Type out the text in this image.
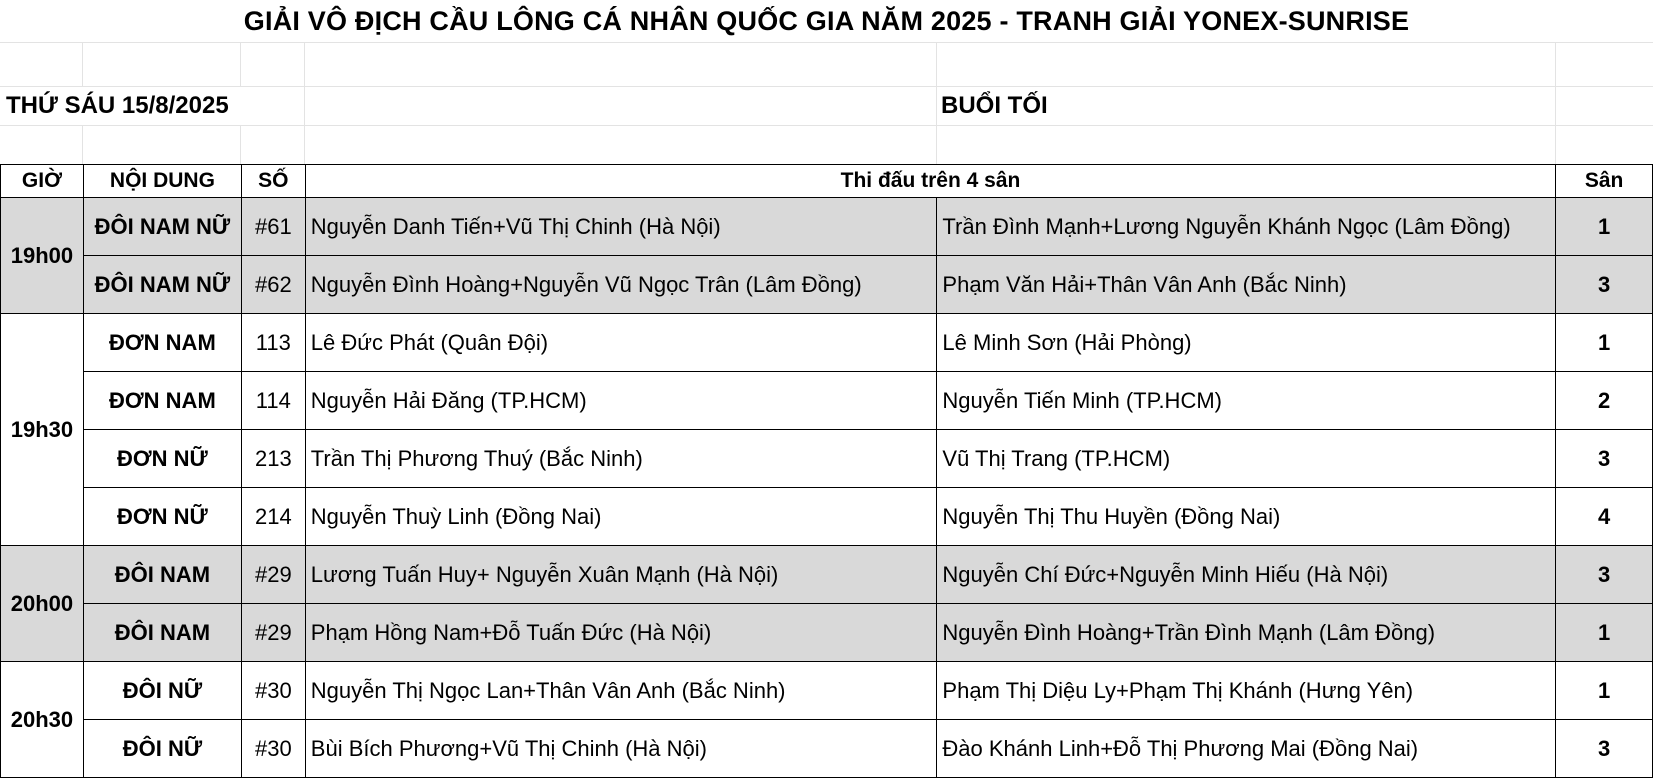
GIẢI VÔ ĐỊCH CẦU LÔNG CÁ NHÂN QUỐC GIA NĂM 2025 - TRANH GIẢI YONEX-SUNRISE
THỨ SÁU 15/8/2025	BUỔI TỐI
GIỜ	NỘI DUNG	SỐ	Thi đấu trên 4 sân		Sân
19h00	ĐÔI NAM NỮ	#61	Nguyễn Danh Tiến+Vũ Thị Chinh (Hà Nội)	Trần Đình Mạnh+Lương Nguyễn Khánh Ngọc (Lâm Đồng)	1
	ĐÔI NAM NỮ	#62	Nguyễn Đình Hoàng+Nguyễn Vũ Ngọc Trân (Lâm Đồng)	Phạm Văn Hải+Thân Vân Anh (Bắc Ninh)	3
19h30	ĐƠN NAM	113	Lê Đức Phát (Quân Đội)	Lê Minh Sơn (Hải Phòng)	1
	ĐƠN NAM	114	Nguyễn Hải Đăng (TP.HCM)	Nguyễn Tiến Minh (TP.HCM)	2
	ĐƠN NỮ	213	Trần Thị Phương Thuý (Bắc Ninh)	Vũ Thị Trang (TP.HCM)	3
	ĐƠN NỮ	214	Nguyễn Thuỳ Linh (Đồng Nai)	Nguyễn Thị Thu Huyền (Đồng Nai)	4
20h00	ĐÔI NAM	#29	Lương Tuấn Huy+ Nguyễn Xuân Mạnh (Hà Nội)	Nguyễn Chí Đức+Nguyễn Minh Hiếu (Hà Nội)	3
	ĐÔI NAM	#29	Phạm Hồng Nam+Đỗ Tuấn Đức (Hà Nội)	Nguyễn Đình Hoàng+Trần Đình Mạnh (Lâm Đồng)	1
20h30	ĐÔI NỮ	#30	Nguyễn Thị Ngọc Lan+Thân Vân Anh (Bắc Ninh)	Phạm Thị Diệu Ly+Phạm Thị Khánh (Hưng Yên)	1
	ĐÔI NỮ	#30	Bùi Bích Phương+Vũ Thị Chinh (Hà Nội)	Đào Khánh Linh+Đỗ Thị Phương Mai (Đồng Nai)	3
